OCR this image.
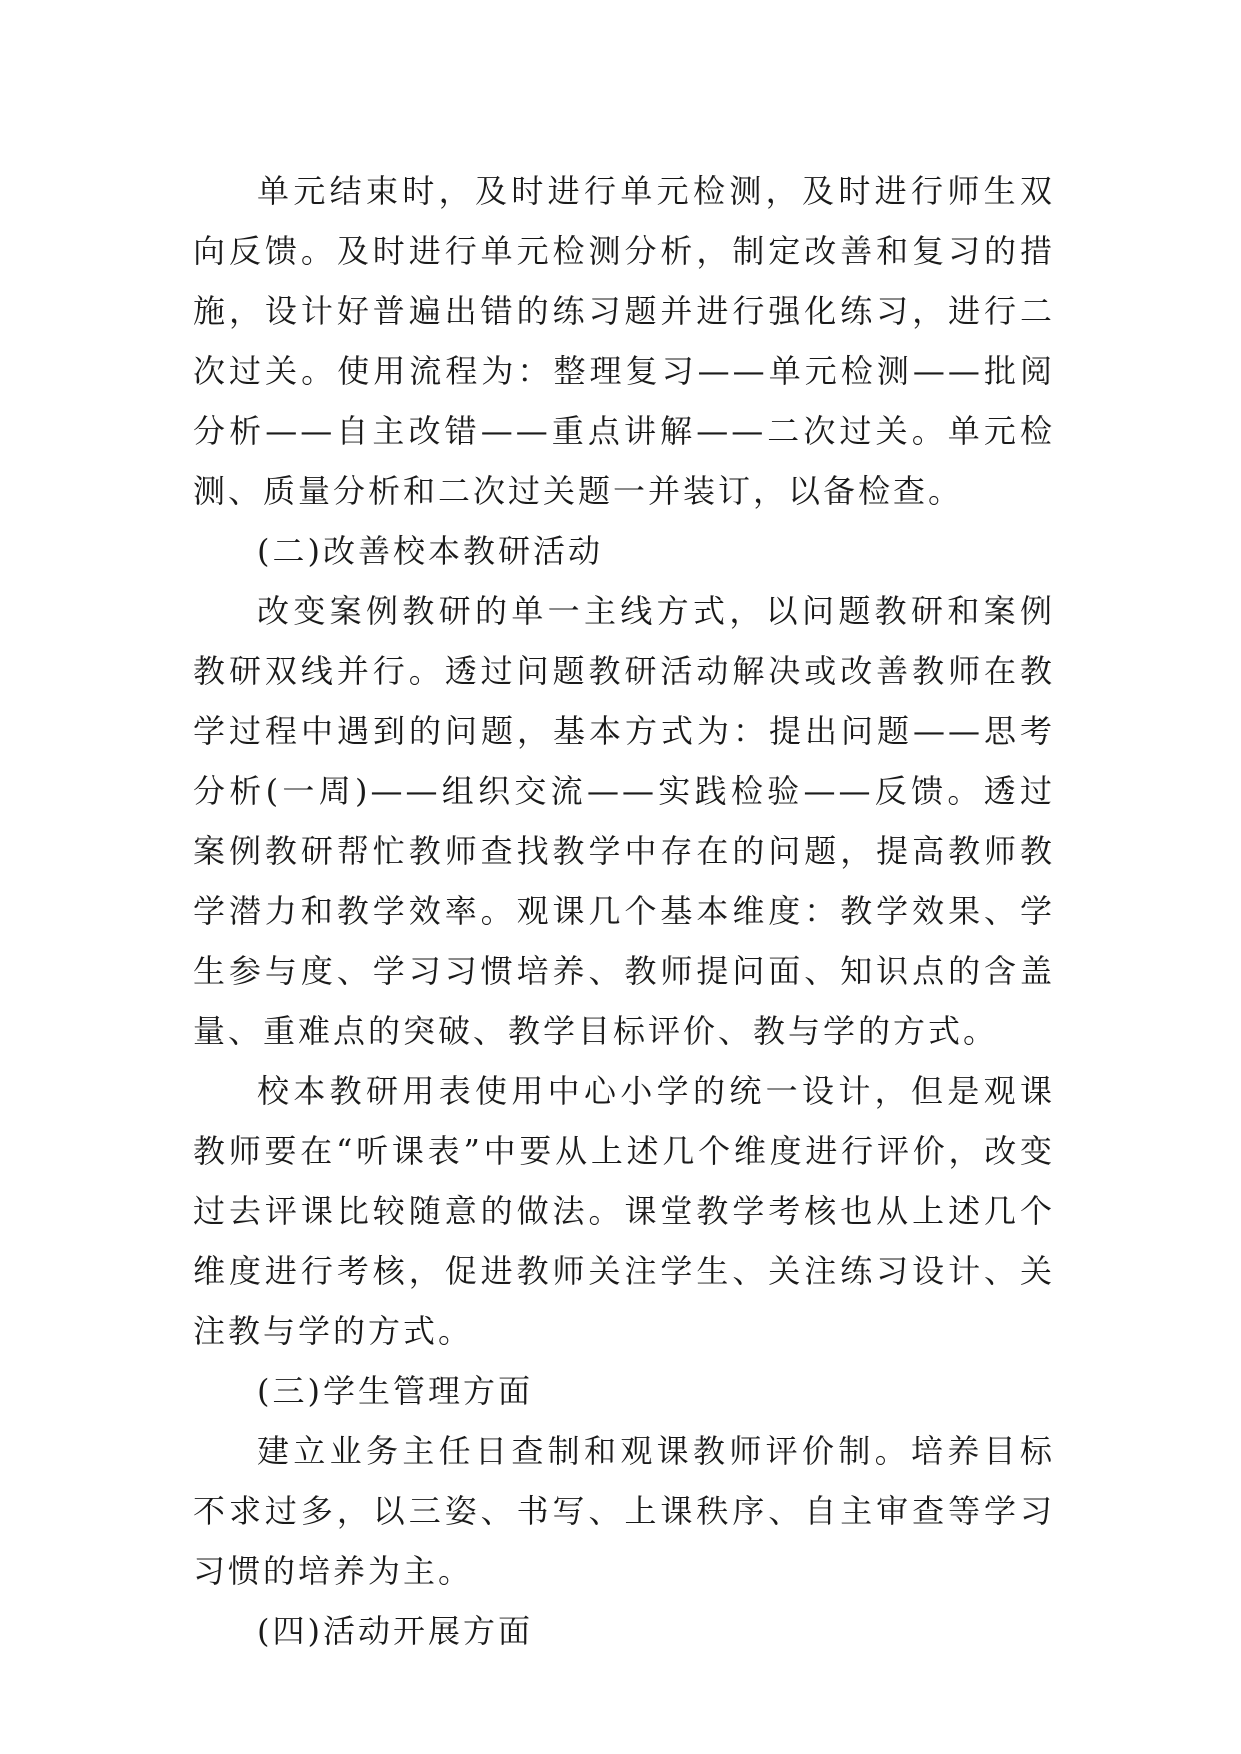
单元结束时，及时进行单元检测，及时进行师生双向反馈。及时进行单元检测分析，制定改善和复习的措施，设计好普遍出错的练习题并进行强化练习，进行二次过关。使用流程为：整理复习——单元检测——批阅分析——自主改错——重点讲解——二次过关。单元检测、质量分析和二次过关题一并装订，以备检查。

(二)改善校本教研活动

改变案例教研的单一主线方式，以问题教研和案例教研双线并行。透过问题教研活动解决或改善教师在教学过程中遇到的问题，基本方式为：提出问题——思考分析(一周)——组织交流——实践检验——反馈。透过案例教研帮忙教师查找教学中存在的问题，提高教师教学潜力和教学效率。观课几个基本维度：教学效果、学生参与度、学习习惯培养、教师提问面、知识点的含盖量、重难点的突破、教学目标评价、教与学的方式。

校本教研用表使用中心小学的统一设计，但是观课教师要在“听课表”中要从上述几个维度进行评价，改变过去评课比较随意的做法。课堂教学考核也从上述几个维度进行考核，促进教师关注学生、关注练习设计、关注教与学的方式。

(三)学生管理方面

建立业务主任日查制和观课教师评价制。培养目标不求过多，以三姿、书写、上课秩序、自主审查等学习习惯的培养为主。

(四)活动开展方面
